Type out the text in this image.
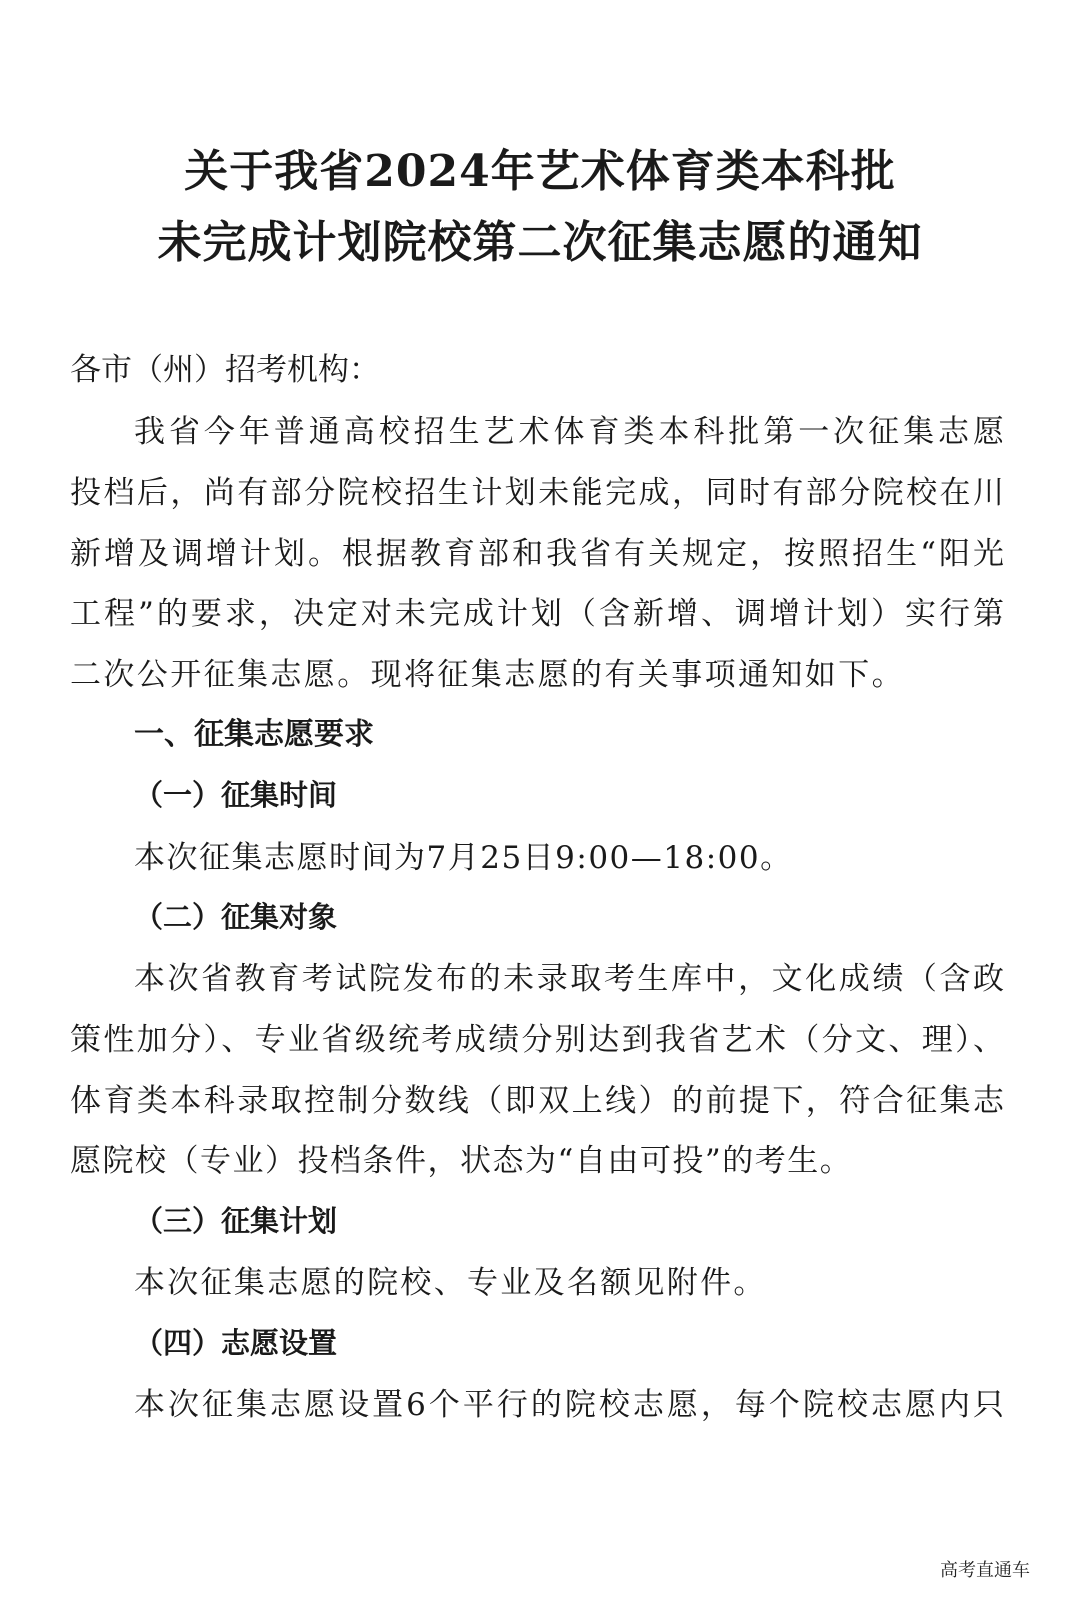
关于我省2024年艺术体育类本科批
未完成计划院校第二次征集志愿的通知
各市（州）招考机构：
我省今年普通高校招生艺术体育类本科批第一次征集志愿
投档后，尚有部分院校招生计划未能完成，同时有部分院校在川
新增及调增计划。根据教育部和我省有关规定，按照招生“阳光
工程”的要求，决定对未完成计划（含新增、调增计划）实行第
二次公开征集志愿。现将征集志愿的有关事项通知如下。
一、征集志愿要求
（一）征集时间
本次征集志愿时间为7月25日9:00—18:00。
（二）征集对象
本次省教育考试院发布的未录取考生库中，文化成绩（含政
策性加分）、专业省级统考成绩分别达到我省艺术（分文、理）、
体育类本科录取控制分数线（即双上线）的前提下，符合征集志
愿院校（专业）投档条件，状态为“自由可投”的考生。
（三）征集计划
本次征集志愿的院校、专业及名额见附件。
（四）志愿设置
本次征集志愿设置6个平行的院校志愿，每个院校志愿内只
高考直通车
